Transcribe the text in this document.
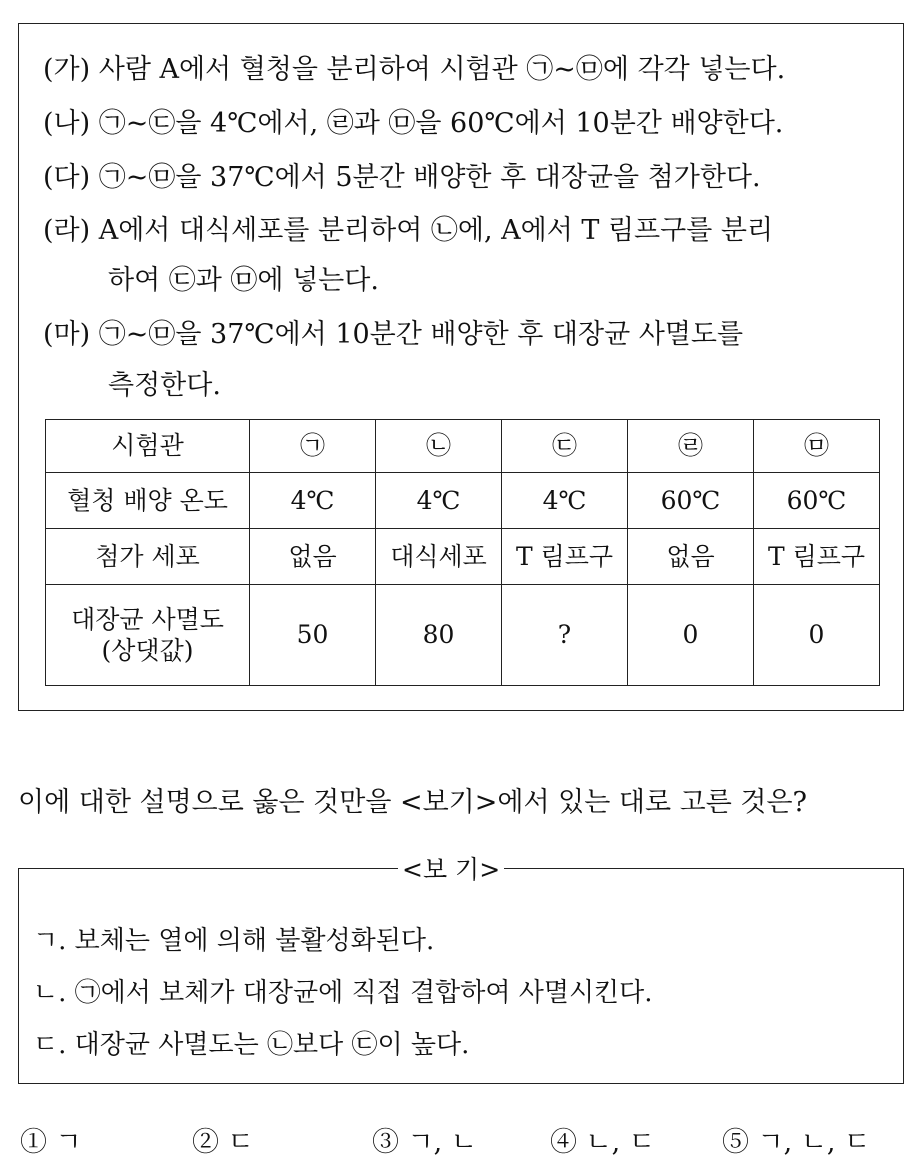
(가) 사람 A에서 혈청을 분리하여 시험관 ㉠~㉤에 각각 넣는다.
(나) ㉠~㉢을 4℃에서, ㉣과 ㉤을 60℃에서 10분간 배양한다.
(다) ㉠~㉤을 37℃에서 5분간 배양한 후 대장균을 첨가한다.
(라) A에서 대식세포를 분리하여 ㉡에, A에서 T 림프구를 분리
하여 ㉢과 ㉤에 넣는다.
(마) ㉠~㉤을 37℃에서 10분간 배양한 후 대장균 사멸도를
측정한다.
시험관	㉠	㉡	㉢	㉣	㉤
혈청 배양 온도	4℃	4℃	4℃	60℃	60℃
첨가 세포	없음	대식세포	T 림프구	없음	T 림프구

대장균 사멸도
(상댓값)	50	80	?	0	0
이에 대한 설명으로 옳은 것만을 <보기>에서 있는 대로 고른 것은?
<보 기>
ㄱ. 보체는 열에 의해 불활성화된다.
ㄴ. ㉠에서 보체가 대장균에 직접 결합하여 사멸시킨다.
ㄷ. 대장균 사멸도는 ㉡보다 ㉢이 높다.
① ㄱ	② ㄷ	③ ㄱ, ㄴ	④ ㄴ, ㄷ ⑤ ㄱ, ㄴ, ㄷ
